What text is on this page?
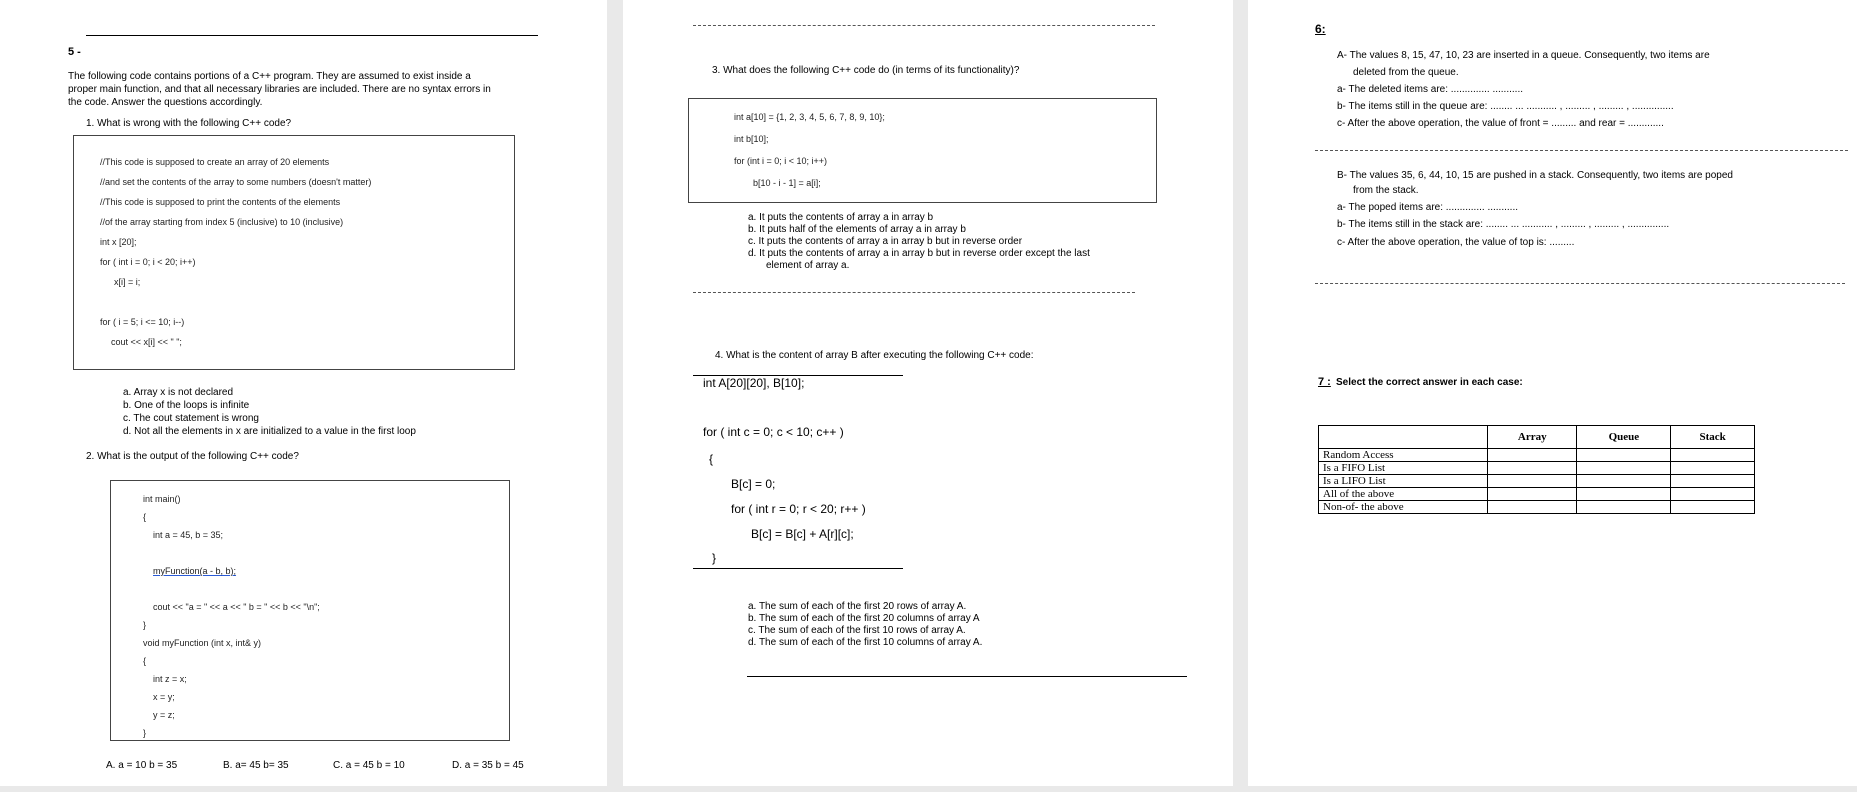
5 -
The following code contains portions of a C++ program. They are assumed to exist inside a
proper main function, and that all necessary libraries are included. There are no syntax errors in
the code. Answer the questions accordingly.
1. What is wrong with the following C++ code?
//This code is supposed to create an array of 20 elements
//and set the contents of the array to some numbers (doesn't matter)
//This code is supposed to print the contents of the elements
//of the array starting from index 5 (inclusive) to 10 (inclusive)
int x [20];
for ( int i = 0; i < 20; i++)
x[i] = i;
for ( i = 5; i <= 10; i--)
cout << x[i] << " ";
a. Array x is not declared
b. One of the loops is infinite
c. The cout statement is wrong
d. Not all the elements in x are initialized to a value in the first loop
2. What is the output of the following C++ code?
int main()
{
int a = 45, b = 35;
myFunction(a - b, b);
cout << "a = " << a << " b = " << b << "\n";
}
void myFunction (int x, int& y)
{
int z = x;
x = y;
y = z;
}
A. a = 10 b = 35	B. a= 45 b= 35	C. a = 45 b = 10	D. a = 35 b = 45
3. What does the following C++ code do (in terms of its functionality)?
int a[10] = {1, 2, 3, 4, 5, 6, 7, 8, 9, 10};
int b[10];
for (int i = 0; i < 10; i++)
b[10 - i - 1] = a[i];
a. It puts the contents of array a in array b
b. It puts half of the elements of array a in array b
c. It puts the contents of array a in array b but in reverse order
d. It puts the contents of array a in array b but in reverse order except the last
element of array a.
4. What is the content of array B after executing the following C++ code:
int A[20][20], B[10];
for ( int c = 0; c < 10; c++ )
{
B[c] = 0;
for ( int r = 0; r < 20; r++ )
B[c] = B[c] + A[r][c];
}
a. The sum of each of the first 20 rows of array A.
b. The sum of each of the first 20 columns of array A
c. The sum of each of the first 10 rows of array A.
d. The sum of each of the first 10 columns of array A.
6:
A- The values 8, 15, 47, 10, 23 are inserted in a queue. Consequently, two items are
deleted from the queue.
a- The deleted items are: .............. ...........
b- The items still in the queue are: ........ ... ........... , ......... , ......... , ...............
c- After the above operation, the value of front = ......... and rear = .............
B- The values 35, 6, 44, 10, 15 are pushed in a stack. Consequently, two items are poped
from the stack.
a- The poped items are: .............. ...........
b- The items still in the stack are: ........ ... ........... , ......... , ......... , ...............
c- After the above operation, the value of top is: .........
7 : Select the correct answer in each case:
	Array	Queue	Stack
Random Access			
Is a FIFO List			
Is a LIFO List			
All of the above			
Non-of- the above			
